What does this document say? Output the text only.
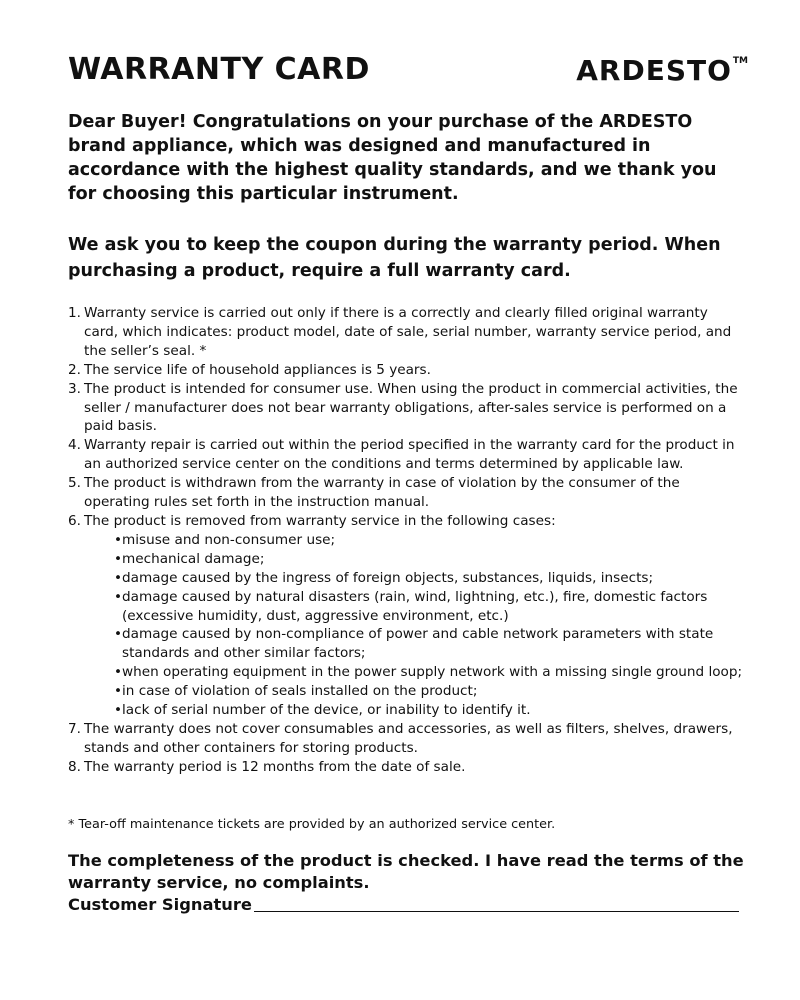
WARRANTY CARD	ARDESTO TM

Dear Buyer! Congratulations on your purchase of the ARDESTO brand appliance, which was designed and manufactured in accordance with the highest quality standards, and we thank you for choosing this particular instrument.

We ask you to keep the coupon during the warranty period. When purchasing a product, require a full warranty card.

1. Warranty service is carried out only if there is a correctly and clearly filled original warranty card, which indicates: product model, date of sale, serial number, warranty service period, and the seller’s seal. *
2. The service life of household appliances is 5 years.
3. The product is intended for consumer use. When using the product in commercial activities, the seller / manufacturer does not bear warranty obligations, after-sales service is performed on a paid basis.
4. Warranty repair is carried out within the period specified in the warranty card for the product in an authorized service center on the conditions and terms determined by applicable law.
5. The product is withdrawn from the warranty in case of violation by the consumer of the operating rules set forth in the instruction manual.
6. The product is removed from warranty service in the following cases:
• misuse and non-consumer use;
• mechanical damage;
• damage caused by the ingress of foreign objects, substances, liquids, insects;
• damage caused by natural disasters (rain, wind, lightning, etc.), fire, domestic factors (excessive humidity, dust, aggressive environment, etc.)
• damage caused by non-compliance of power and cable network parameters with state standards and other similar factors;
• when operating equipment in the power supply network with a missing single ground loop;
• in case of violation of seals installed on the product;
• lack of serial number of the device, or inability to identify it.
7. The warranty does not cover consumables and accessories, as well as filters, shelves, drawers, stands and other containers for storing products.
8. The warranty period is 12 months from the date of sale.

* Tear-off maintenance tickets are provided by an authorized service center.

The completeness of the product is checked. I have read the terms of the warranty service, no complaints.
Customer Signature
